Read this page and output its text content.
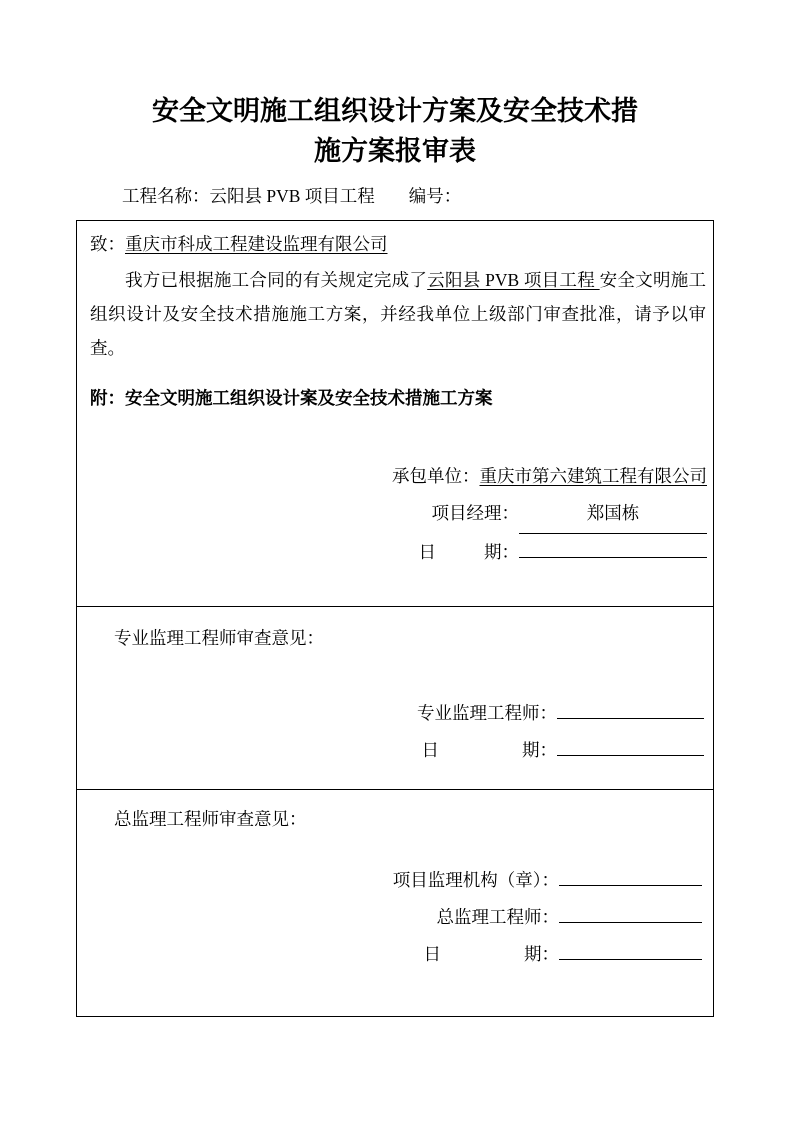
安全文明施工组织设计方案及安全技术措
施方案报审表
工程名称：云阳县 PVB 项目工程 编号：
致：重庆市科成工程建设监理有限公司
我方已根据施工合同的有关规定完成了云阳县 PVB 项目工程 安全文明施工组织设计及安全技术措施施工方案，并经我单位上级部门审查批准，请予以审查。
附：安全文明施工组织设计案及安全技术措施工方案
承包单位：重庆市第六建筑工程有限公司
项目经理：	郑国栋
日	期：
专业监理工程师审查意见：
专业监理工程师：
日	期：
总监理工程师审查意见：
项目监理机构（章）：
总监理工程师：
日	期：
